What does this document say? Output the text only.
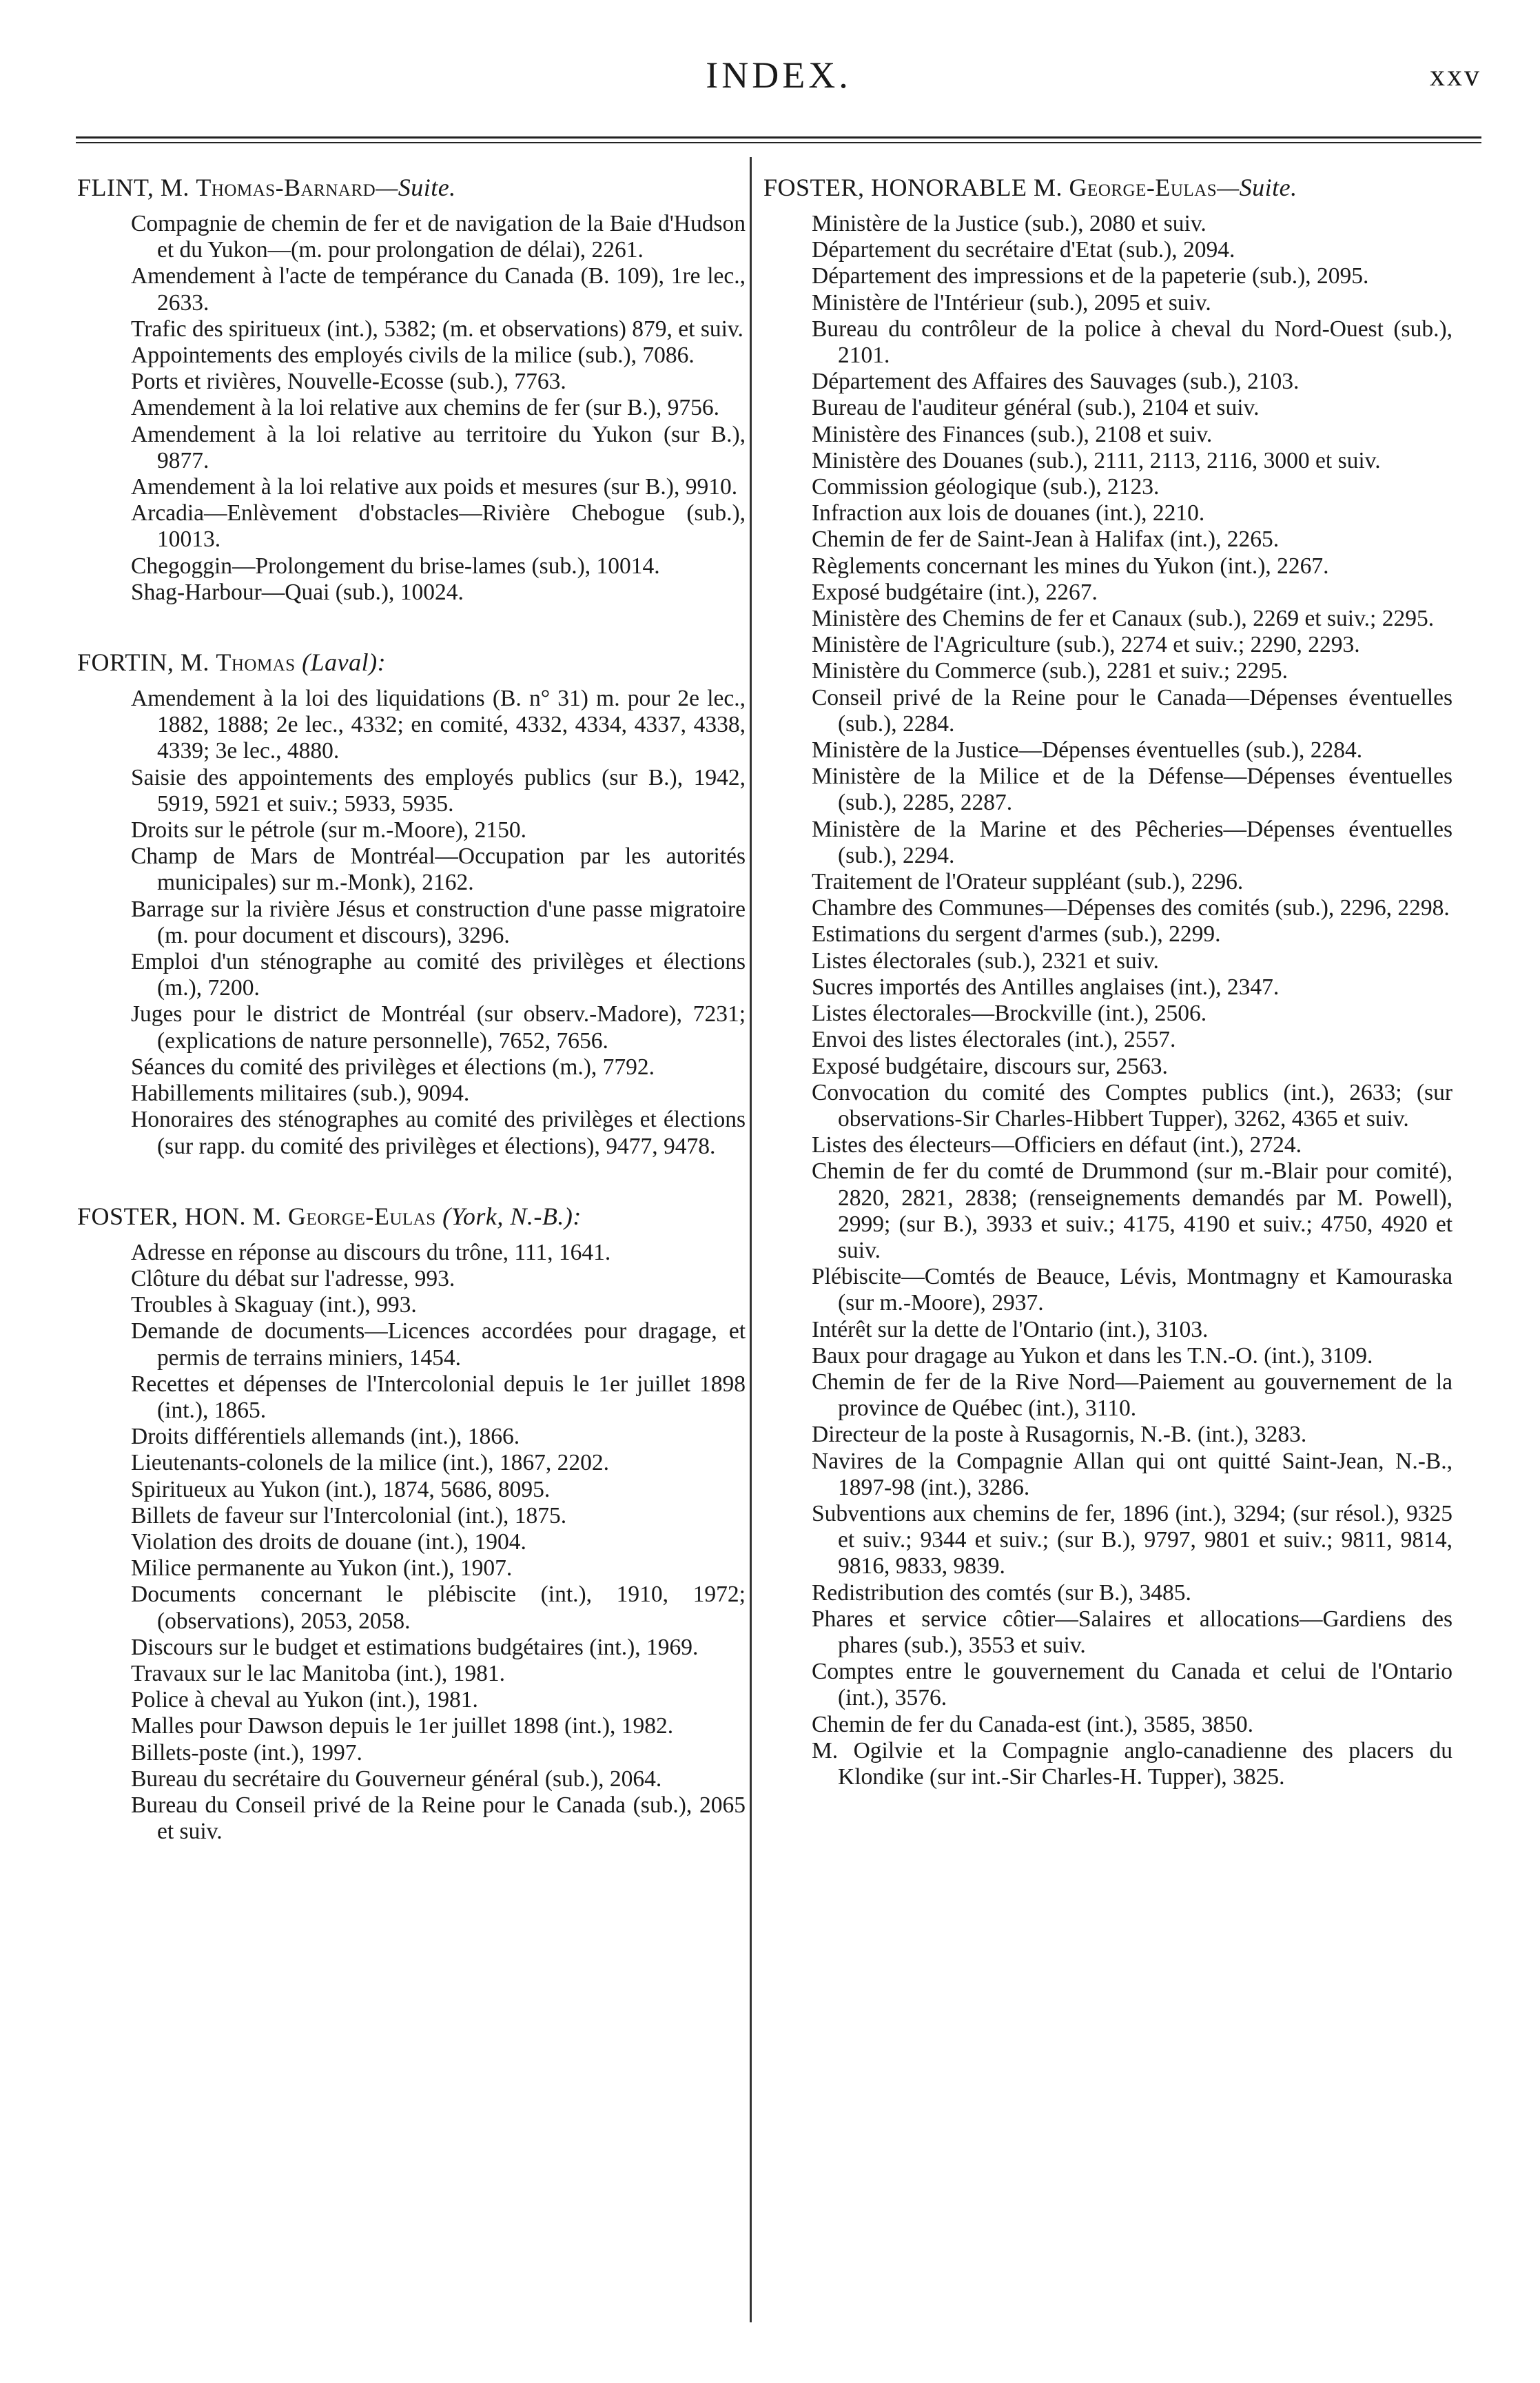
INDEX.	xxv
FLINT, M. Thomas-Barnard—Suite.
Compagnie de chemin de fer et de navigation de la Baie d'Hudson et du Yukon—(m. pour prolongation de délai), 2261.
Amendement à l'acte de tempérance du Canada (B. 109), 1re lec., 2633.
Trafic des spiritueux (int.), 5382; (m. et observations) 879, et suiv.
Appointements des employés civils de la milice (sub.), 7086.
Ports et rivières, Nouvelle-Ecosse (sub.), 7763.
Amendement à la loi relative aux chemins de fer (sur B.), 9756.
Amendement à la loi relative au territoire du Yukon (sur B.), 9877.
Amendement à la loi relative aux poids et mesures (sur B.), 9910.
Arcadia—Enlèvement d'obstacles—Rivière Chebogue (sub.), 10013.
Chegoggin—Prolongement du brise-lames (sub.), 10014.
Shag-Harbour—Quai (sub.), 10024.
FORTIN, M. Thomas (Laval):
Amendement à la loi des liquidations (B. n° 31) m. pour 2e lec., 1882, 1888; 2e lec., 4332; en comité, 4332, 4334, 4337, 4338, 4339; 3e lec., 4880.
Saisie des appointements des employés publics (sur B.), 1942, 5919, 5921 et suiv.; 5933, 5935.
Droits sur le pétrole (sur m.-Moore), 2150.
Champ de Mars de Montréal—Occupation par les autorités municipales) sur m.-Monk), 2162.
Barrage sur la rivière Jésus et construction d'une passe migratoire (m. pour document et discours), 3296.
Emploi d'un sténographe au comité des privilèges et élections (m.), 7200.
Juges pour le district de Montréal (sur observ.-Madore), 7231; (explications de nature personnelle), 7652, 7656.
Séances du comité des privilèges et élections (m.), 7792.
Habillements militaires (sub.), 9094.
Honoraires des sténographes au comité des privilèges et élections (sur rapp. du comité des privilèges et élections), 9477, 9478.
FOSTER, HON. M. George-Eulas (York, N.-B.):
Adresse en réponse au discours du trône, 111, 1641.
Clôture du débat sur l'adresse, 993.
Troubles à Skaguay (int.), 993.
Demande de documents—Licences accordées pour dragage, et permis de terrains miniers, 1454.
Recettes et dépenses de l'Intercolonial depuis le 1er juillet 1898 (int.), 1865.
Droits différentiels allemands (int.), 1866.
Lieutenants-colonels de la milice (int.), 1867, 2202.
Spiritueux au Yukon (int.), 1874, 5686, 8095.
Billets de faveur sur l'Intercolonial (int.), 1875.
Violation des droits de douane (int.), 1904.
Milice permanente au Yukon (int.), 1907.
Documents concernant le plébiscite (int.), 1910, 1972; (observations), 2053, 2058.
Discours sur le budget et estimations budgétaires (int.), 1969.
Travaux sur le lac Manitoba (int.), 1981.
Police à cheval au Yukon (int.), 1981.
Malles pour Dawson depuis le 1er juillet 1898 (int.), 1982.
Billets-poste (int.), 1997.
Bureau du secrétaire du Gouverneur général (sub.), 2064.
Bureau du Conseil privé de la Reine pour le Canada (sub.), 2065 et suiv.
FOSTER, HONORABLE M. George-Eulas—Suite.
Ministère de la Justice (sub.), 2080 et suiv.
Département du secrétaire d'Etat (sub.), 2094.
Département des impressions et de la papeterie (sub.), 2095.
Ministère de l'Intérieur (sub.), 2095 et suiv.
Bureau du contrôleur de la police à cheval du Nord-Ouest (sub.), 2101.
Département des Affaires des Sauvages (sub.), 2103.
Bureau de l'auditeur général (sub.), 2104 et suiv.
Ministère des Finances (sub.), 2108 et suiv.
Ministère des Douanes (sub.), 2111, 2113, 2116, 3000 et suiv.
Commission géologique (sub.), 2123.
Infraction aux lois de douanes (int.), 2210.
Chemin de fer de Saint-Jean à Halifax (int.), 2265.
Règlements concernant les mines du Yukon (int.), 2267.
Exposé budgétaire (int.), 2267.
Ministère des Chemins de fer et Canaux (sub.), 2269 et suiv.; 2295.
Ministère de l'Agriculture (sub.), 2274 et suiv.; 2290, 2293.
Ministère du Commerce (sub.), 2281 et suiv.; 2295.
Conseil privé de la Reine pour le Canada—Dépenses éventuelles (sub.), 2284.
Ministère de la Justice—Dépenses éventuelles (sub.), 2284.
Ministère de la Milice et de la Défense—Dépenses éventuelles (sub.), 2285, 2287.
Ministère de la Marine et des Pêcheries—Dépenses éventuelles (sub.), 2294.
Traitement de l'Orateur suppléant (sub.), 2296.
Chambre des Communes—Dépenses des comités (sub.), 2296, 2298.
Estimations du sergent d'armes (sub.), 2299.
Listes électorales (sub.), 2321 et suiv.
Sucres importés des Antilles anglaises (int.), 2347.
Listes électorales—Brockville (int.), 2506.
Envoi des listes électorales (int.), 2557.
Exposé budgétaire, discours sur, 2563.
Convocation du comité des Comptes publics (int.), 2633; (sur observations-Sir Charles-Hibbert Tupper), 3262, 4365 et suiv.
Listes des électeurs—Officiers en défaut (int.), 2724.
Chemin de fer du comté de Drummond (sur m.-Blair pour comité), 2820, 2821, 2838; (renseignements demandés par M. Powell), 2999; (sur B.), 3933 et suiv.; 4175, 4190 et suiv.; 4750, 4920 et suiv.
Plébiscite—Comtés de Beauce, Lévis, Montmagny et Kamouraska (sur m.-Moore), 2937.
Intérêt sur la dette de l'Ontario (int.), 3103.
Baux pour dragage au Yukon et dans les T.N.-O. (int.), 3109.
Chemin de fer de la Rive Nord—Paiement au gouvernement de la province de Québec (int.), 3110.
Directeur de la poste à Rusagornis, N.-B. (int.), 3283.
Navires de la Compagnie Allan qui ont quitté Saint-Jean, N.-B., 1897-98 (int.), 3286.
Subventions aux chemins de fer, 1896 (int.), 3294; (sur résol.), 9325 et suiv.; 9344 et suiv.; (sur B.), 9797, 9801 et suiv.; 9811, 9814, 9816, 9833, 9839.
Redistribution des comtés (sur B.), 3485.
Phares et service côtier—Salaires et allocations—Gardiens des phares (sub.), 3553 et suiv.
Comptes entre le gouvernement du Canada et celui de l'Ontario (int.), 3576.
Chemin de fer du Canada-est (int.), 3585, 3850.
M. Ogilvie et la Compagnie anglo-canadienne des placers du Klondike (sur int.-Sir Charles-H. Tupper), 3825.
